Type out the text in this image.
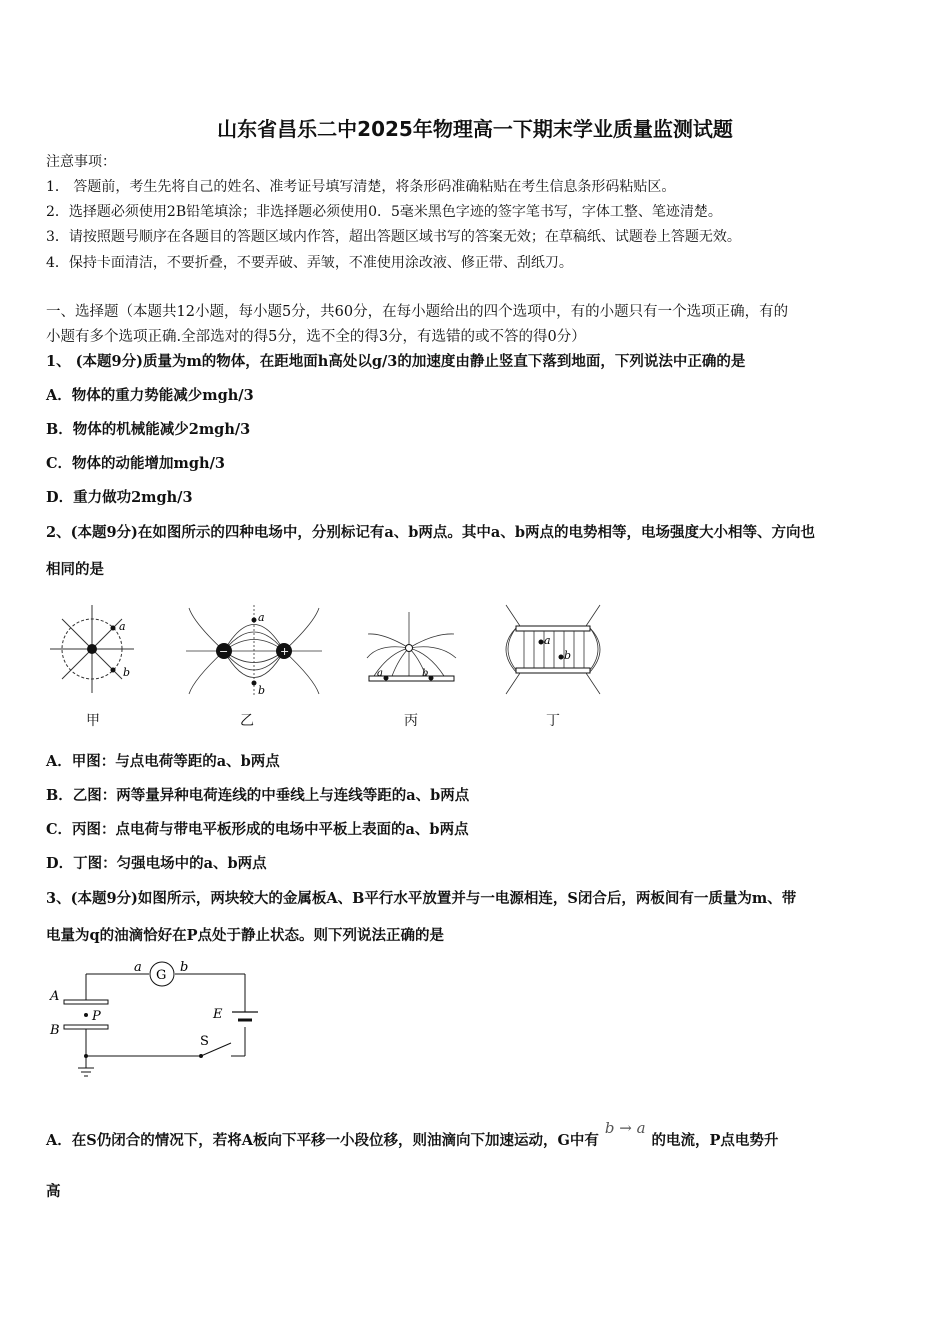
山东省昌乐二中2025年物理高一下期末学业质量监测试题
注意事项：
1． 答题前，考生先将自己的姓名、准考证号填写清楚，将条形码准确粘贴在考生信息条形码粘贴区。
2．选择题必须使用2B铅笔填涂；非选择题必须使用0．5毫米黑色字迹的签字笔书写，字体工整、笔迹清楚。
3．请按照题号顺序在各题目的答题区域内作答，超出答题区域书写的答案无效；在草稿纸、试题卷上答题无效。
4．保持卡面清洁，不要折叠，不要弄破、弄皱，不准使用涂改液、修正带、刮纸刀。
一、选择题（本题共12小题，每小题5分，共60分，在每小题给出的四个选项中，有的小题只有一个选项正确，有的
小题有多个选项正确.全部选对的得5分，选不全的得3分，有选错的或不答的得0分）
1、 (本题9分)质量为m的物体，在距地面h高处以g/3的加速度由静止竖直下落到地面，下列说法中正确的是
A．物体的重力势能减少mgh/3
B．物体的机械能减少2mgh/3
C．物体的动能增加mgh/3
D．重力做功2mgh/3
2、(本题9分)在如图所示的四种电场中，分别标记有a、b两点。其中a、b两点的电势相等，电场强度大小相等、方向也
相同的是
a
b
甲
−	+
a
b
乙
a	b
丙
a
b
丁
A．甲图：与点电荷等距的a、b两点
B．乙图：两等量异种电荷连线的中垂线上与连线等距的a、b两点
C．丙图：点电荷与带电平板形成的电场中平板上表面的a、b两点
D．丁图：匀强电场中的a、b两点
3、(本题9分)如图所示，两块较大的金属板A、B平行水平放置并与一电源相连，S闭合后，两板间有一质量为m、带
电量为q的油滴恰好在P点处于静止状态。则下列说法正确的是
a
G
b
A
B
P	E
S
A．在S仍闭合的情况下，若将A板向下平移一小段位移，则油滴向下加速运动，G中有b → a的电流，P点电势升
高
